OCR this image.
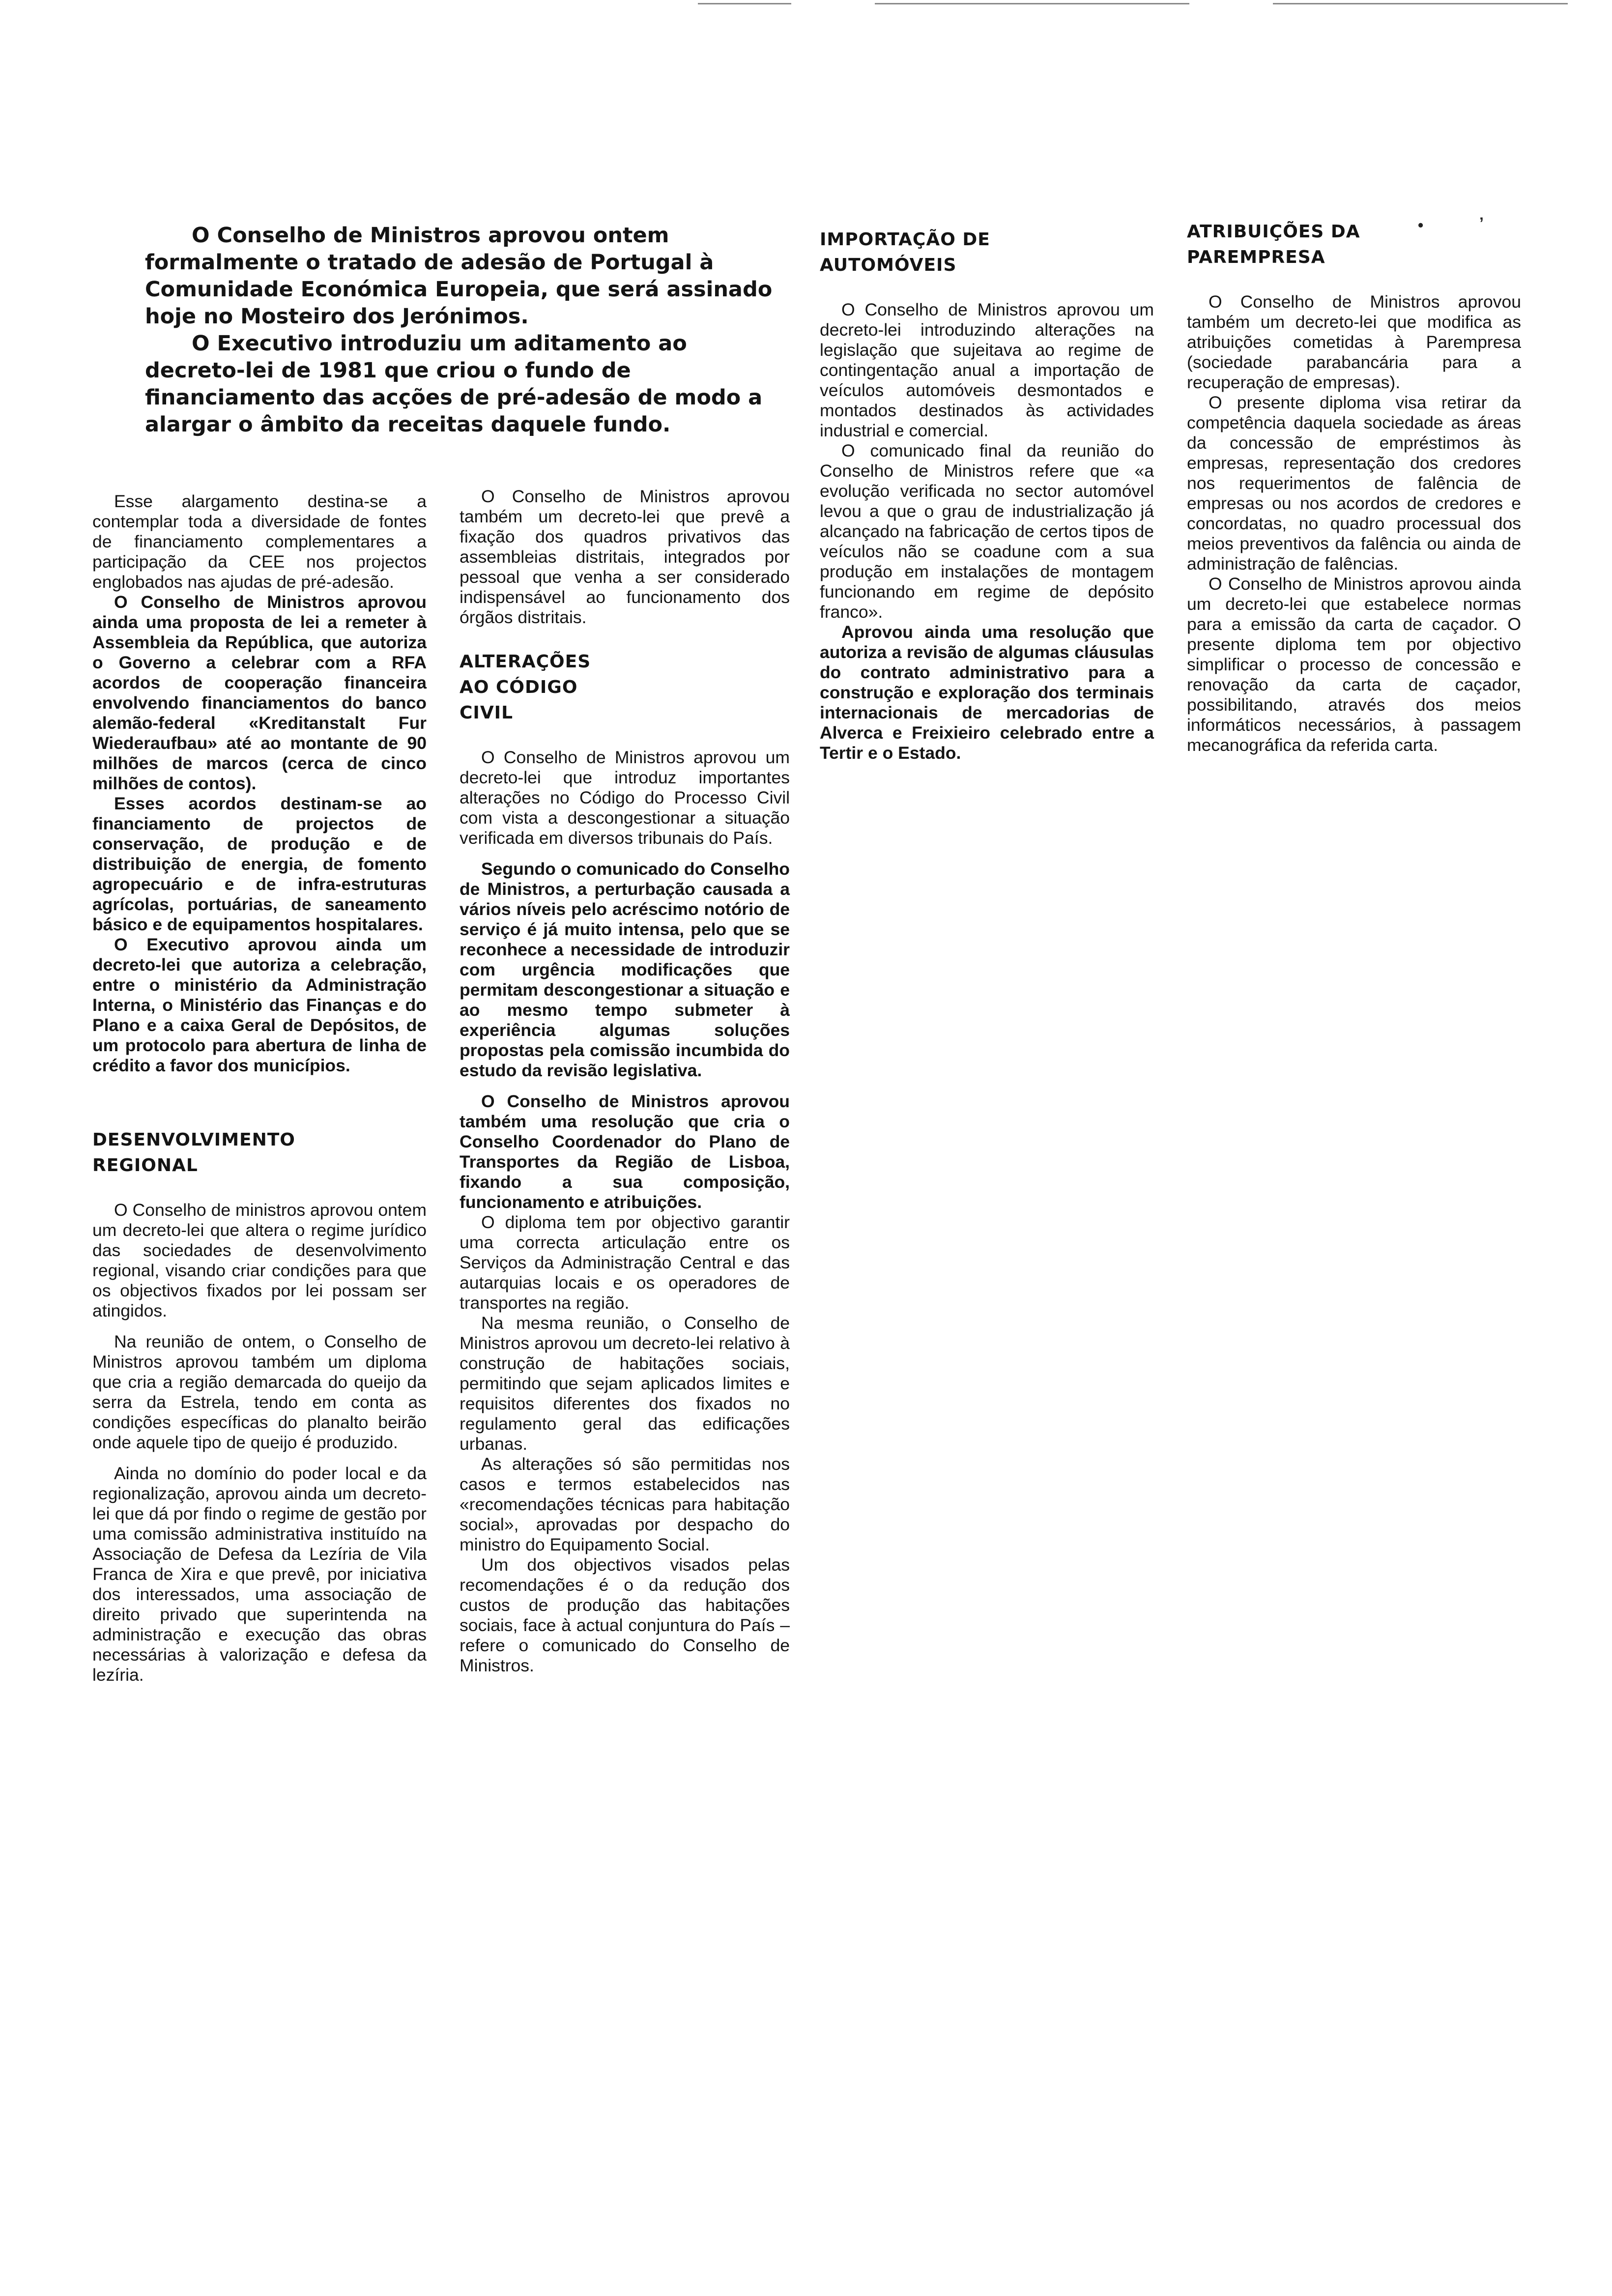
•	’

O Conselho de Ministros aprovou ontem formalmente o tratado de adesão de Portugal à Comunidade Económica Europeia, que será assinado hoje no Mosteiro dos Jerónimos.

O Executivo introduziu um aditamento ao decreto-lei de 1981 que criou o fundo de financiamento das acções de pré-adesão de modo a alargar o âmbito da receitas daquele fundo.

Esse alargamento destina-se a contemplar toda a diversidade de fontes de financiamento complementares a participação da CEE nos projectos englobados nas ajudas de pré-adesão.

O Conselho de Ministros aprovou ainda uma proposta de lei a remeter à Assembleia da República, que autoriza o Governo a celebrar com a RFA acordos de cooperação financeira envolvendo financiamentos do banco alemão-federal «Kreditanstalt Fur Wiederaufbau» até ao montante de 90 milhões de marcos (cerca de cinco milhões de contos).

Esses acordos destinam-se ao financiamento de projectos de conservação, de produção e de distribuição de energia, de fomento agropecuário e de infra-estruturas agrícolas, portuárias, de saneamento básico e de equipamentos hospitalares.

O Executivo aprovou ainda um decreto-lei que autoriza a celebração, entre o ministério da Administração Interna, o Ministério das Finanças e do Plano e a caixa Geral de Depósitos, de um protocolo para abertura de linha de crédito a favor dos municípios.

DESENVOLVIMENTO REGIONAL

O Conselho de ministros aprovou ontem um decreto-lei que altera o regime jurídico das sociedades de desenvolvimento regional, visando criar condições para que os objectivos fixados por lei possam ser atingidos.

Na reunião de ontem, o Conselho de Ministros aprovou também um diploma que cria a região demarcada do queijo da serra da Estrela, tendo em conta as condições específicas do planalto beirão onde aquele tipo de queijo é produzido.

Ainda no domínio do poder local e da regionalização, aprovou ainda um decreto-lei que dá por findo o regime de gestão por uma comissão administrativa instituído na Associação de Defesa da Lezíria de Vila Franca de Xira e que prevê, por iniciativa dos interessados, uma associação de direito privado que superintenda na administração e execução das obras necessárias à valorização e defesa da lezíria.

O Conselho de Ministros aprovou também um decreto-lei que prevê a fixação dos quadros privativos das assembleias distritais, integrados por pessoal que venha a ser considerado indispensável ao funcionamento dos órgãos distritais.

ALTERAÇÕES AO CÓDIGO CIVIL

O Conselho de Ministros aprovou um decreto-lei que introduz importantes alterações no Código do Processo Civil com vista a descongestionar a situação verificada em diversos tribunais do País.

Segundo o comunicado do Conselho de Ministros, a perturbação causada a vários níveis pelo acréscimo notório de serviço é já muito intensa, pelo que se reconhece a necessidade de introduzir com urgência modificações que permitam descongestionar a situação e ao mesmo tempo submeter à experiência algumas soluções propostas pela comissão incumbida do estudo da revisão legislativa.

O Conselho de Ministros aprovou também uma resolução que cria o Conselho Coordenador do Plano de Transportes da Região de Lisboa, fixando a sua composição, funcionamento e atribuições.

O diploma tem por objectivo garantir uma correcta articulação entre os Serviços da Administração Central e das autarquias locais e os operadores de transportes na região.

Na mesma reunião, o Conselho de Ministros aprovou um decreto-lei relativo à construção de habitações sociais, permitindo que sejam aplicados limites e requisitos diferentes dos fixados no regulamento geral das edificações urbanas.

As alterações só são permitidas nos casos e termos estabelecidos nas «recomendações técnicas para habitação social», aprovadas por despacho do ministro do Equipamento Social.

Um dos objectivos visados pelas recomendações é o da redução dos custos de produção das habitações sociais, face à actual conjuntura do País – refere o comunicado do Conselho de Ministros.

IMPORTAÇÃO DE AUTOMÓVEIS

O Conselho de Ministros aprovou um decreto-lei introduzindo alterações na legislação que sujeitava ao regime de contingentação anual a importação de veículos automóveis desmontados e montados destinados às actividades industrial e comercial.

O comunicado final da reunião do Conselho de Ministros refere que «a evolução verificada no sector automóvel levou a que o grau de industrialização já alcançado na fabricação de certos tipos de veículos não se coadune com a sua produção em instalações de montagem funcionando em regime de depósito franco».

Aprovou ainda uma resolução que autoriza a revisão de algumas cláusulas do contrato administrativo para a construção e exploração dos terminais internacionais de mercadorias de Alverca e Freixieiro celebrado entre a Tertir e o Estado.

ATRIBUIÇÕES DA PAREMPRESA

O Conselho de Ministros aprovou também um decreto-lei que modifica as atribuições cometidas à Parempresa (sociedade parabancária para a recuperação de empresas).

O presente diploma visa retirar da competência daquela sociedade as áreas da concessão de empréstimos às empresas, representação dos credores nos requerimentos de falência de empresas ou nos acordos de credores e concordatas, no quadro processual dos meios preventivos da falência ou ainda de administração de falências.

O Conselho de Ministros aprovou ainda um decreto-lei que estabelece normas para a emissão da carta de caçador. O presente diploma tem por objectivo simplificar o processo de concessão e renovação da carta de caçador, possibilitando, através dos meios informáticos necessários, à passagem mecanográfica da referida carta.
